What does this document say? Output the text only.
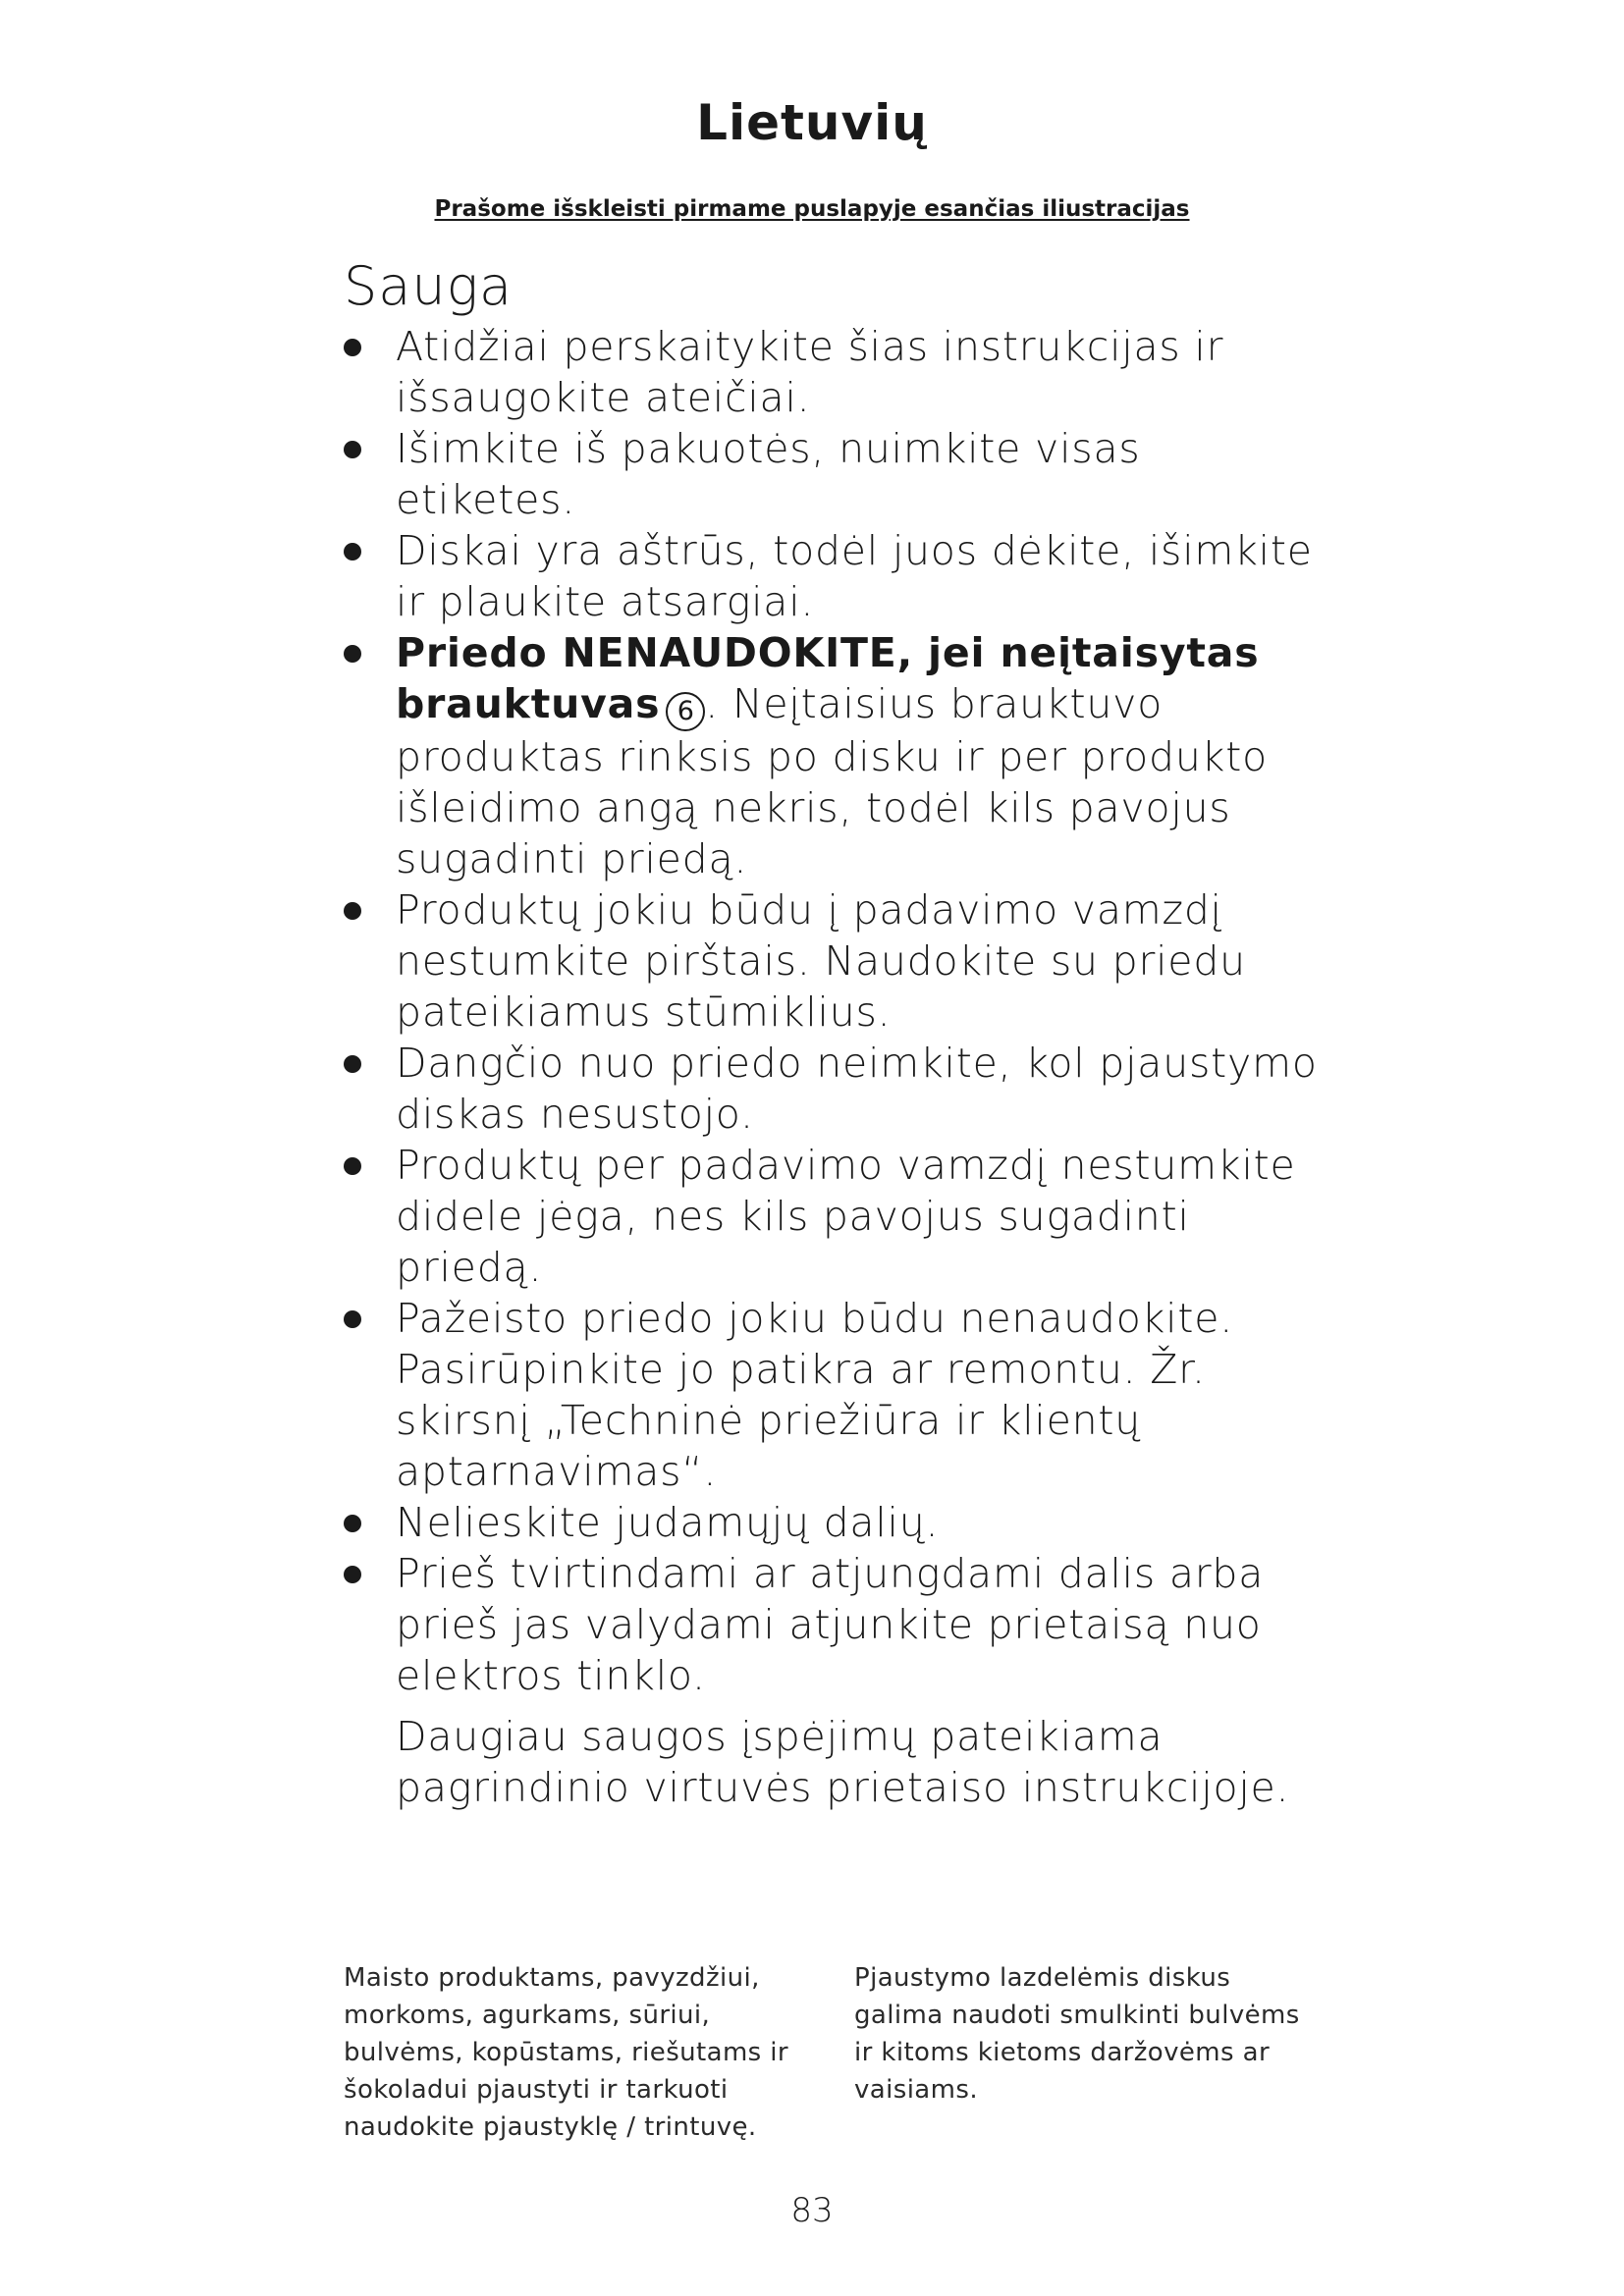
Lietuvių

Prašome išskleisti pirmame puslapyje esančias iliustracijas

Sauga
Atidžiai perskaitykite šias instrukcijas ir išsaugokite ateičiai.
Išimkite iš pakuotės, nuimkite visas etiketes.
Diskai yra aštrūs, todėl juos dėkite, išimkite ir plaukite atsargiai.
Priedo NENAUDOKITE, jei neįtaisytas brauktuvas 6 . Neįtaisius brauktuvo produktas rinksis po disku ir per produkto išleidimo angą nekris, todėl kils pavojus sugadinti priedą.
Produktų jokiu būdu į padavimo vamzdį nestumkite pirštais. Naudokite su priedu pateikiamus stūmiklius.
Dangčio nuo priedo neimkite, kol pjaustymo diskas nesustojo.
Produktų per padavimo vamzdį nestumkite didele jėga, nes kils pavojus sugadinti priedą.
Pažeisto priedo jokiu būdu nenaudokite.
Pasirūpinkite jo patikra ar remontu. Žr. skirsnį „Techninė priežiūra ir klientų aptarnavimas“.
Nelieskite judamųjų dalių.
Prieš tvirtindami ar atjungdami dalis arba prieš jas valydami atjunkite prietaisą nuo elektros tinklo.

Daugiau saugos įspėjimų pateikiama pagrindinio virtuvės prietaiso instrukcijoje.

Maisto produktams, pavyzdžiui, morkoms, agurkams, sūriui, bulvėms, kopūstams, riešutams ir šokoladui pjaustyti ir tarkuoti naudokite pjaustyklę / trintuvę.
Pjaustymo lazdelėmis diskus galima naudoti smulkinti bulvėms ir kitoms kietoms daržovėms ar vaisiams.
83
